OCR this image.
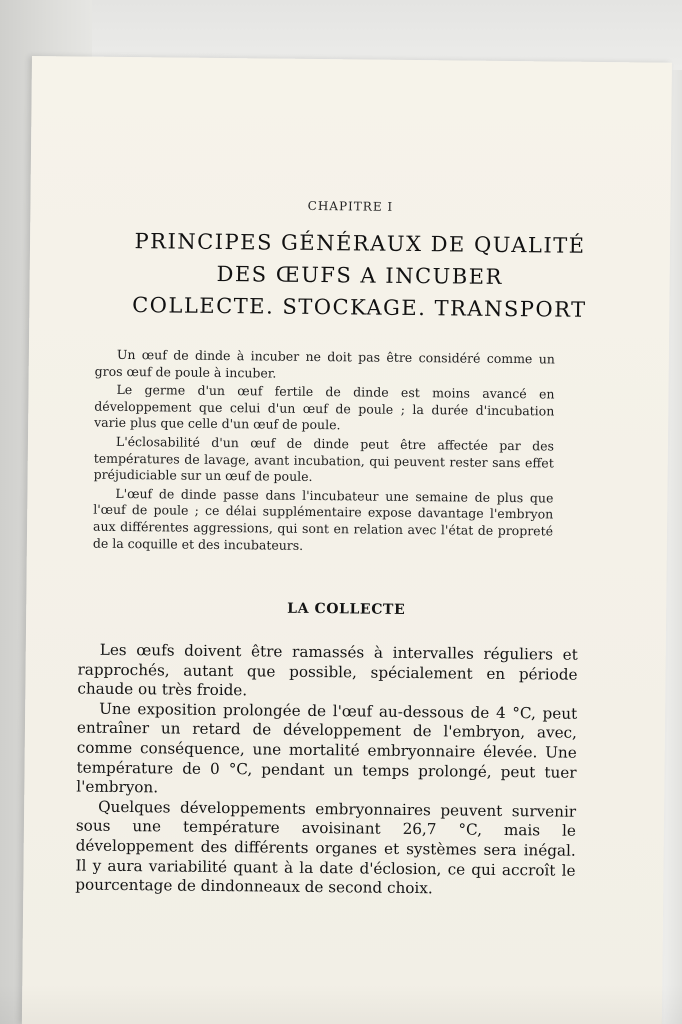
CHAPITRE I
PRINCIPES GÉNÉRAUX DE QUALITÉ
DES ŒUFS A INCUBER
COLLECTE. STOCKAGE. TRANSPORT

Un œuf de dinde à incuber ne doit pas être considéré comme un gros œuf de poule à incuber.

Le germe d'un œuf fertile de dinde est moins avancé en développement que celui d'un œuf de poule ; la durée d'incubation varie plus que celle d'un œuf de poule.

L'éclosabilité d'un œuf de dinde peut être affectée par des températures de lavage, avant incubation, qui peuvent rester sans effet préjudiciable sur un œuf de poule.

L'œuf de dinde passe dans l'incubateur une semaine de plus que l'œuf de poule ; ce délai supplémentaire expose davantage l'embryon aux différentes aggressions, qui sont en relation avec l'état de propreté de la coquille et des incubateurs.

LA COLLECTE

Les œufs doivent être ramassés à intervalles réguliers et rapprochés, autant que possible, spécialement en période chaude ou très froide.

Une exposition prolongée de l'œuf au-dessous de 4 °C, peut entraîner un retard de développement de l'embryon, avec, comme conséquence, une mortalité embryonnaire élevée. Une température de 0 °C, pendant un temps prolongé, peut tuer l'embryon.

Quelques développements embryonnaires peuvent survenir sous une température avoisinant 26,7 °C, mais le développement des différents organes et systèmes sera inégal. Il y aura variabilité quant à la date d'éclosion, ce qui accroît le pourcentage de dindonneaux de second choix.
